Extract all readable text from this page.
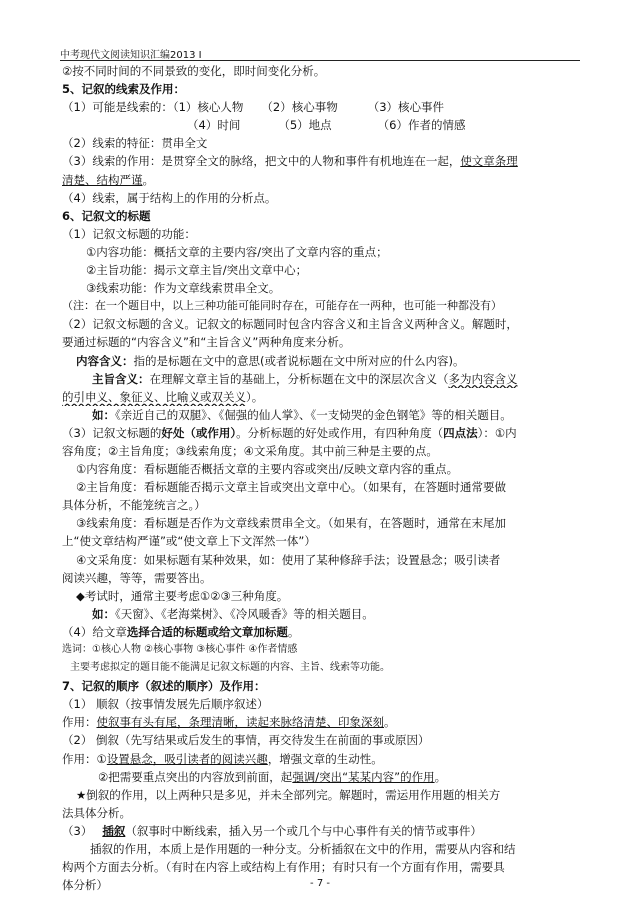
中考现代文阅读知识汇编2013 I
②按不同时间的不同景致的变化，即时间变化分析。
5、记叙的线索及作用：
（1）可能是线索的：（1）核心人物 （2）核心事物	（3）核心事件
（4）时间	（5）地点	（6）作者的情感
（2）线索的特征：贯串全文
（3）线索的作用：是贯穿全文的脉络，把文中的人物和事件有机地连在一起，使文章条理
清楚、结构严谨。
（4）线索，属于结构上的作用的分析点。
6、记叙文的标题
（1）记叙文标题的功能：
①内容功能：概括文章的主要内容/突出了文章内容的重点；
②主旨功能：揭示文章主旨/突出文章中心；
③线索功能：作为文章线索贯串全文。
（注：在一个题目中，以上三种功能可能同时存在，可能存在一两种，也可能一种都没有）
（2）记叙文标题的含义。记叙文的标题同时包含内容含义和主旨含义两种含义。解题时，
要通过标题的“内容含义”和“主旨含义”两种角度来分析。
内容含义：指的是标题在文中的意思(或者说标题在文中所对应的什么内容)。
主旨含义：在理解文章主旨的基础上，分析标题在文中的深层次含义（多为内容含义
的引申义、象征义、比喻义或双关义）。
如：《亲近自己的双腿》、《倔强的仙人掌》、《一支恸哭的金色钢笔》等的相关题目。
（3）记叙文标题的好处（或作用）。分析标题的好处或作用，有四种角度（四点法）：①内
容角度；②主旨角度；③线索角度；④文采角度。其中前三种是主要的点。
①内容角度：看标题能否概括文章的主要内容或突出/反映文章内容的重点。
②主旨角度：看标题能否揭示文章主旨或突出文章中心。（如果有，在答题时通常要做
具体分析，不能笼统言之。）
③线索角度：看标题是否作为文章线索贯串全文。（如果有，在答题时，通常在末尾加
上“使文章结构严谨”或“使文章上下文浑然一体”）
④文采角度：如果标题有某种效果，如：使用了某种修辞手法；设置悬念；吸引读者
阅读兴趣，等等，需要答出。
◆考试时，通常主要考虑①②③三种角度。
如：《天窗》、《老海棠树》、《冷风暖香》等的相关题目。
（4）给文章选择合适的标题或给文章加标题。
选词：①核心人物 ②核心事物 ③核心事件 ④作者情感
主要考虑拟定的题目能不能满足记叙文标题的内容、主旨、线索等功能。
7、记叙的顺序（叙述的顺序）及作用：
（1） 顺叙（按事情发展先后顺序叙述）
作用：使叙事有头有尾，条理清晰，读起来脉络清楚、印象深刻。
（2） 倒叙（先写结果或后发生的事情，再交待发生在前面的事或原因）
作用：①设置悬念，吸引读者的阅读兴趣，增强文章的生动性。
②把需要重点突出的内容放到前面，起强调/突出“某某内容”的作用。
★倒叙的作用，以上两种只是多见，并未全部列完。解题时，需运用作用题的相关方
法具体分析。
（3） 插叙（叙事时中断线索，插入另一个或几个与中心事件有关的情节或事件）
插叙的作用，本质上是作用题的一种分支。分析插叙在文中的作用，需要从内容和结
构两个方面去分析。（有时在内容上或结构上有作用；有时只有一个方面有作用，需要具
体分析）	- 7 -
